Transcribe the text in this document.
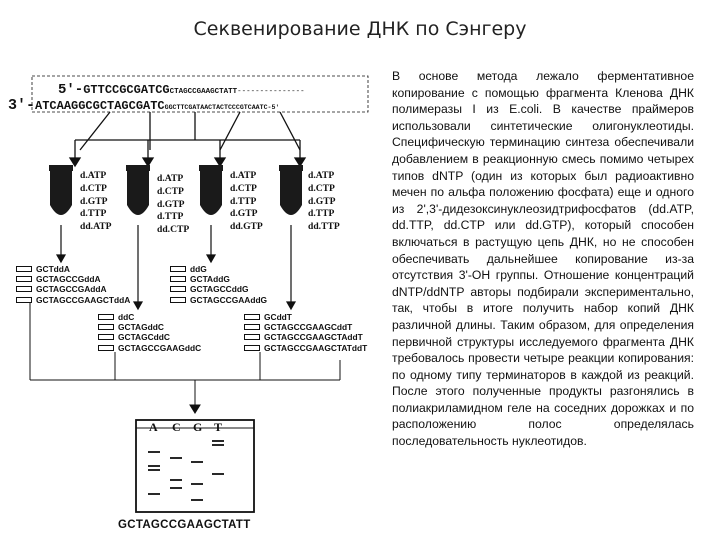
Секвенирование ДНК по Сэнгеру
5'-GTTCCGCGATCGCTAGCCGAAGCTATT---------------
3'-ATCAAGGCGCTAGCGATCGGCTTCGATAACTACTCCCGTCAATC-5'
d.ATP
d.CTP
d.GTP
d.TTP
dd.ATP
d.ATP
d.CTP
d.GTP
d.TTP
dd.CTP
d.ATP
d.CTP
d.TTP
d.GTP
dd.GTP
d.ATP
d.CTP
d.GTP
d.TTP
dd.TTP
GCTddA
GCTAGCCGddA
GCTAGCCGAddA
GCTAGCCGAAGCTddA
ddG
GCTAddG
GCTAGCCddG
GCTAGCCGAAddG
ddC
GCTAGddC
GCTAGCddC
GCTAGCCGAAGddC
GCddT
GCTAGCCGAAGCddT
GCTAGCCGAAGCTAddT
GCTAGCCGAAGCTATddT
A C G T
GCTAGCCGAAGCTATT
В основе метода лежало ферментативное копирование с помощью фрагмента Кленова ДНК полимеразы I из E.coli. В качестве праймеров использовали синтетические олигонуклеотиды. Специфическую терминацию синтеза обеспечивали добавлением в реакционную смесь помимо четырех типов dNTP (один из которых был радиоактивно мечен по альфа положению фосфата) еще и одного из 2',3'-дидезоксинуклеозидтрифосфатов (dd.ATP, dd.TTP, dd.CTP или dd.GTP), который способен включаться в растущую цепь ДНК, но не способен обеспечивать дальнейшее копирование из-за отсутствия 3'-OH группы. Отношение концентраций dNTP/ddNTP авторы подбирали экспериментально, так, чтобы в итоге получить набор копий ДНК различной длины. Таким образом, для определения первичной структуры исследуемого фрагмента ДНК требовалось провести четыре реакции копирования: по одному типу терминаторов в каждой из реакций. После этого полученные продукты разгонялись в полиакриламидном геле на соседних дорожках и по расположению полос определялась последовательность нуклеотидов.
